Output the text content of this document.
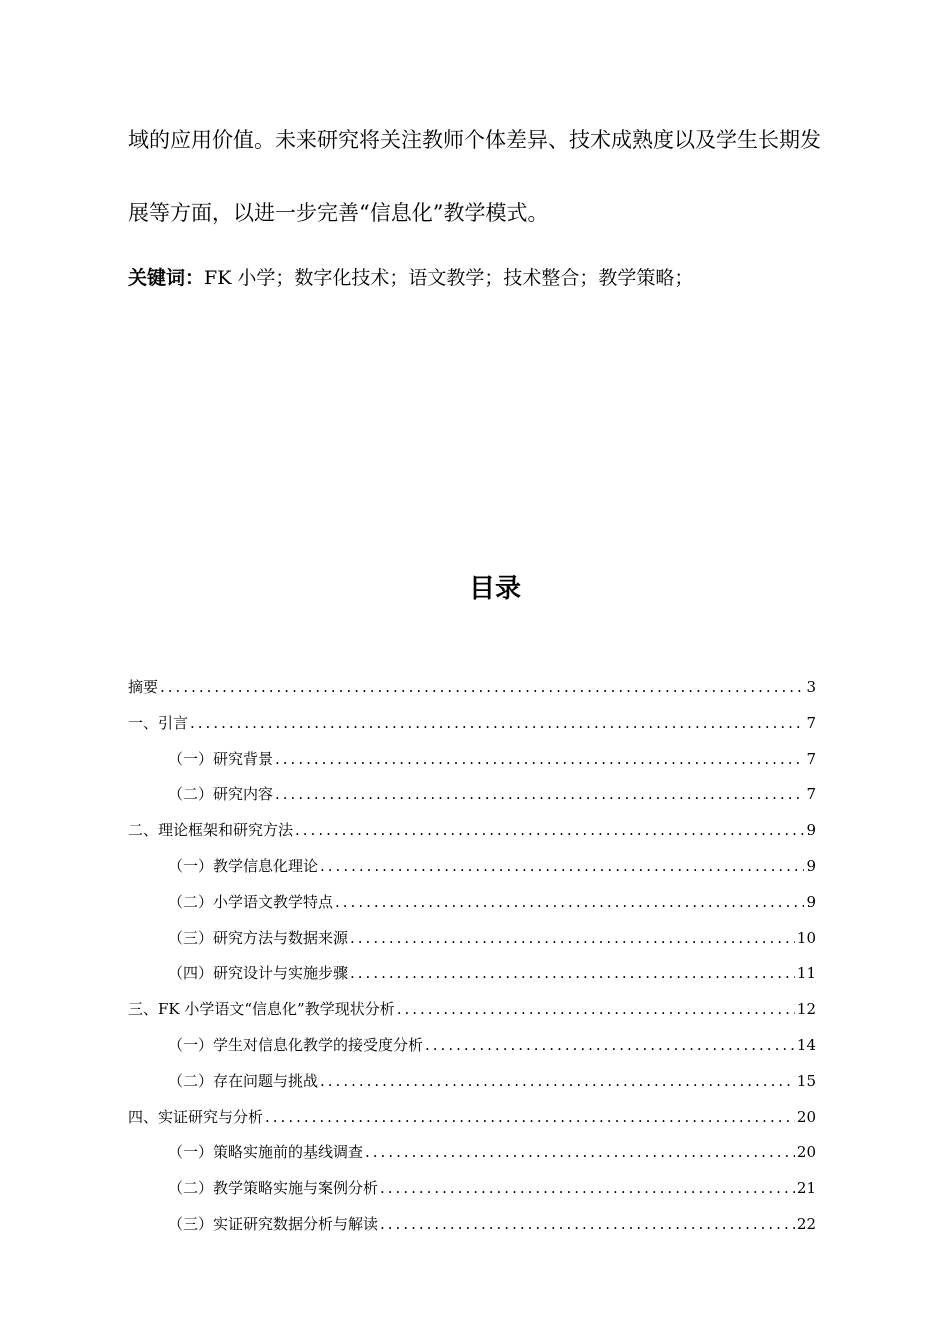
域的应用价值。未来研究将关注教师个体差异、技术成熟度以及学生长期发
展等方面，以进一步完善“信息化”教学模式。
关键词：FK 小学；数字化技术；语文教学；技术整合；教学策略；
目录
摘要 .....	3
一、引言 .....	7
（一）研究背景 .....	7
（二）研究内容 .....	7
二、理论框架和研究方法 .....	9
（一）教学信息化理论 .....	9
（二）小学语文教学特点 .....	9
（三）研究方法与数据来源 .....	10
（四）研究设计与实施步骤 .....	11
三、FK 小学语文“信息化”教学现状分析 .....	12
（一）学生对信息化教学的接受度分析 .....	14
（二）存在问题与挑战 .....	15
四、实证研究与分析 .....	20
（一）策略实施前的基线调查 .....	20
（二）教学策略实施与案例分析 .....	21
（三）实证研究数据分析与解读 .....	22
